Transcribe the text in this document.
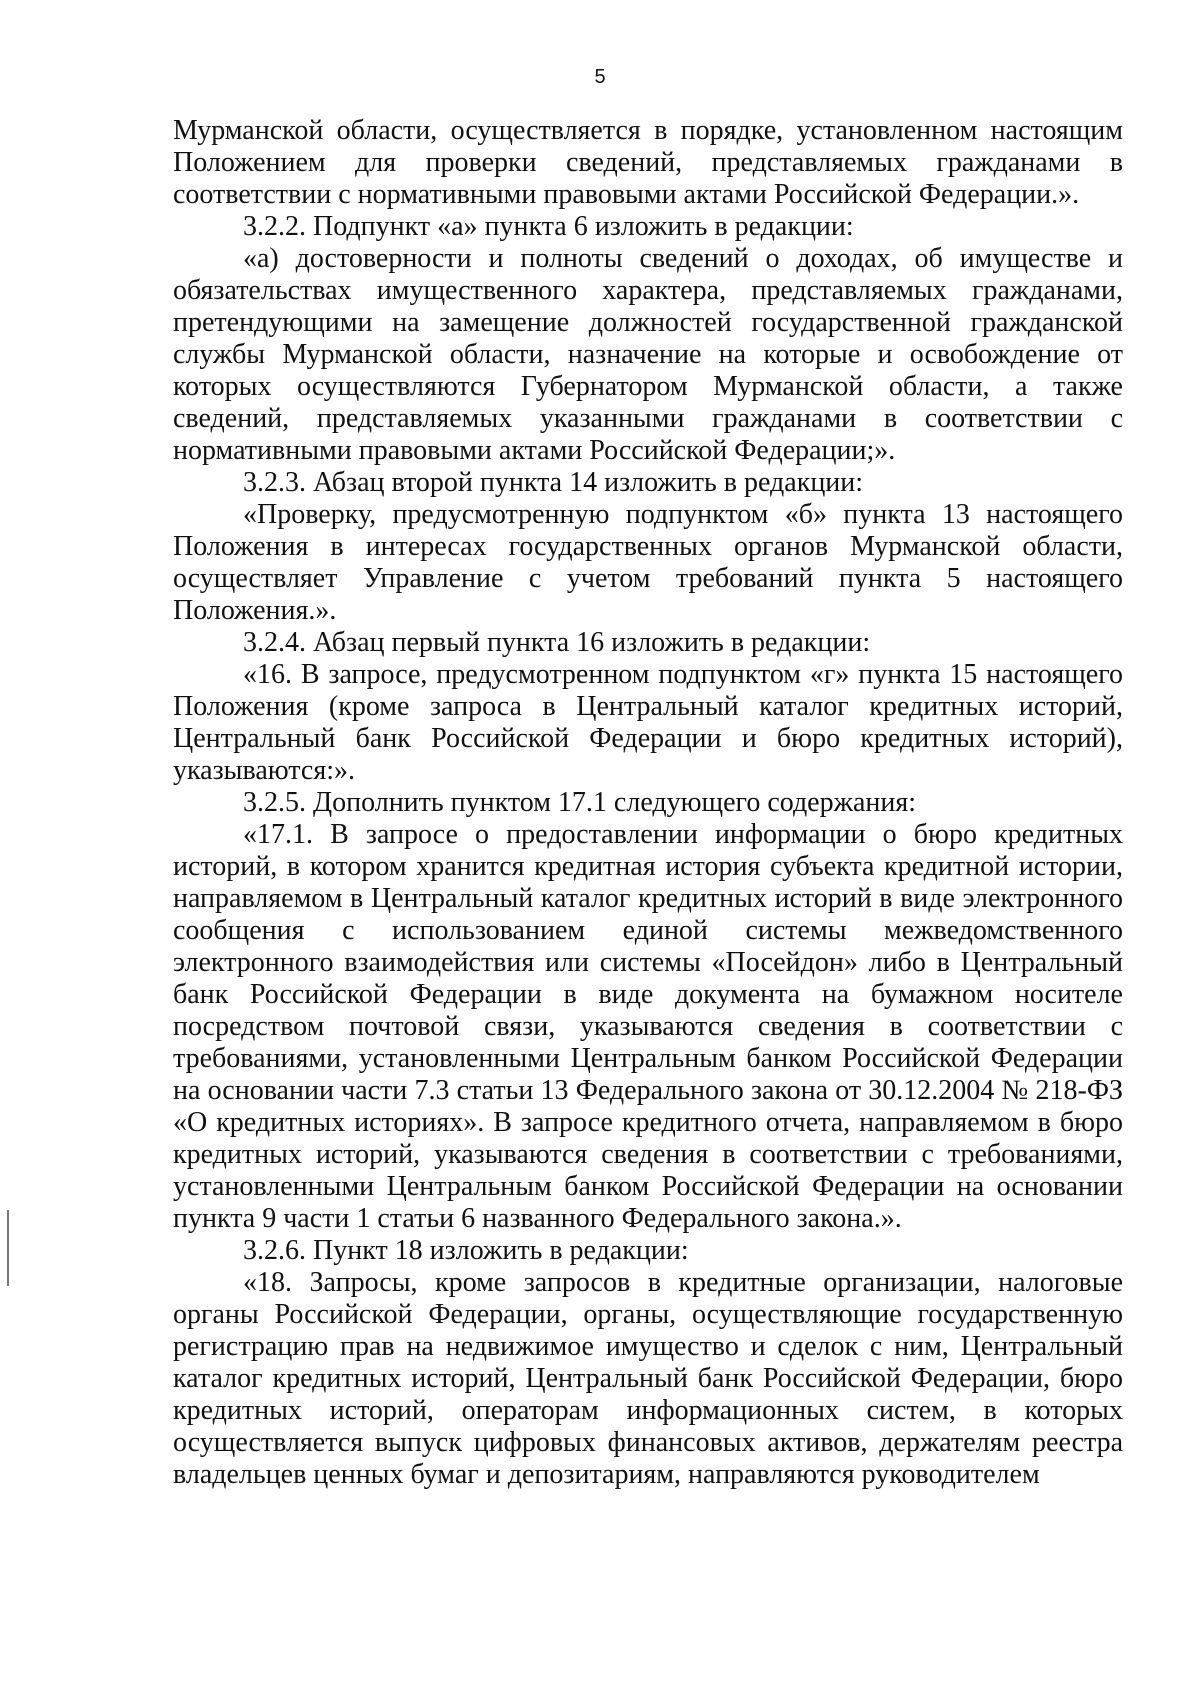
5

Мурманской области, осуществляется в порядке, установленном настоящим Положением для проверки сведений, представляемых гражданами в соответствии с нормативными правовыми актами Российской Федерации.».

3.2.2. Подпункт «а» пункта 6 изложить в редакции:

«а) достоверности и полноты сведений о доходах, об имуществе и обязательствах имущественного характера, представляемых гражданами, претендующими на замещение должностей государственной гражданской службы Мурманской области, назначение на которые и освобождение от которых осуществляются Губернатором Мурманской области, а также сведений, представляемых указанными гражданами в соответствии с нормативными правовыми актами Российской Федерации;».

3.2.3. Абзац второй пункта 14 изложить в редакции:

«Проверку, предусмотренную подпунктом «б» пункта 13 настоящего Положения в интересах государственных органов Мурманской области, осуществляет Управление с учетом требований пункта 5 настоящего Положения.».

3.2.4. Абзац первый пункта 16 изложить в редакции:

«16. В запросе, предусмотренном подпунктом «г» пункта 15 настоящего Положения (кроме запроса в Центральный каталог кредитных историй, Центральный банк Российской Федерации и бюро кредитных историй), указываются:».

3.2.5. Дополнить пунктом 17.1 следующего содержания:

«17.1. В запросе о предоставлении информации о бюро кредитных историй, в котором хранится кредитная история субъекта кредитной истории, направляемом в Центральный каталог кредитных историй в виде электронного сообщения с использованием единой системы межведомственного электронного взаимодействия или системы «Посейдон» либо в Центральный банк Российской Федерации в виде документа на бумажном носителе посредством почтовой связи, указываются сведения в соответствии с требованиями, установленными Центральным банком Российской Федерации на основании части 7.3 статьи 13 Федерального закона от 30.12.2004 № 218-ФЗ «О кредитных историях». В запросе кредитного отчета, направляемом в бюро кредитных историй, указываются сведения в соответствии с требованиями, установленными Центральным банком Российской Федерации на основании пункта 9 части 1 статьи 6 названного Федерального закона.».

3.2.6. Пункт 18 изложить в редакции:

«18. Запросы, кроме запросов в кредитные организации, налоговые органы Российской Федерации, органы, осуществляющие государственную регистрацию прав на недвижимое имущество и сделок с ним, Центральный каталог кредитных историй, Центральный банк Российской Федерации, бюро кредитных историй, операторам информационных систем, в которых осуществляется выпуск цифровых финансовых активов, держателям реестра владельцев ценных бумаг и депозитариям, направляются руководителем
